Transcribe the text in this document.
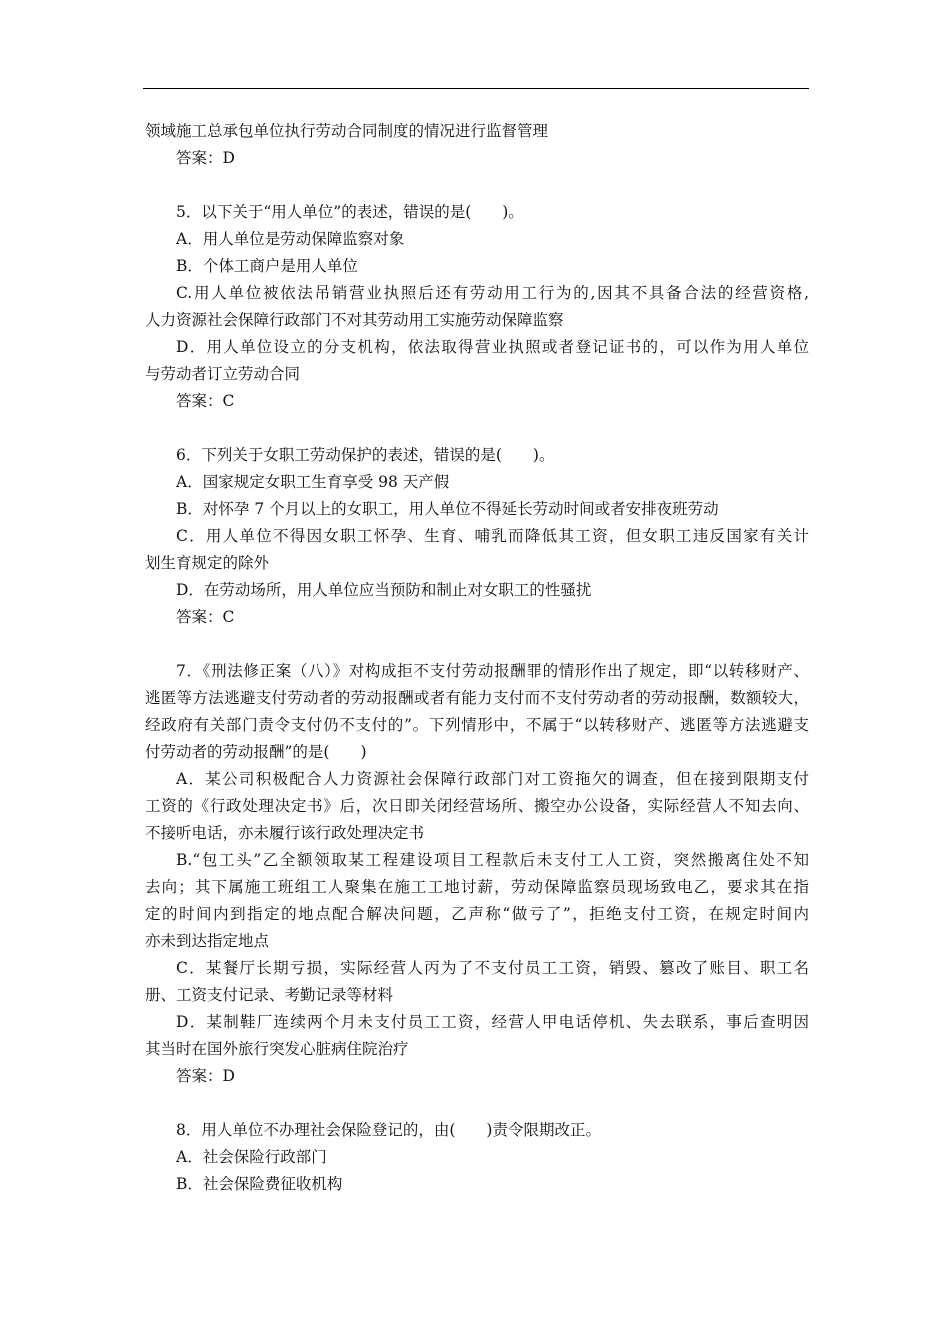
领域施工总承包单位执行劳动合同制度的情况进行监督管理

答案：D

5．以下关于“用人单位”的表述，错误的是(　　)。

A．用人单位是劳动保障监察对象

B．个体工商户是用人单位

C.用人单位被依法吊销营业执照后还有劳动用工行为的,因其不具备合法的经营资格,

人力资源社会保障行政部门不对其劳动用工实施劳动保障监察

D．用人单位设立的分支机构，依法取得营业执照或者登记证书的，可以作为用人单位

与劳动者订立劳动合同

答案：C

6．下列关于女职工劳动保护的表述，错误的是(　　)。

A．国家规定女职工生育享受 98 天产假

B．对怀孕 7 个月以上的女职工，用人单位不得延长劳动时间或者安排夜班劳动

C．用人单位不得因女职工怀孕、生育、哺乳而降低其工资，但女职工违反国家有关计

划生育规定的除外

D．在劳动场所，用人单位应当预防和制止对女职工的性骚扰

答案：C

7．《刑法修正案（八）》对构成拒不支付劳动报酬罪的情形作出了规定，即“以转移财产、

逃匿等方法逃避支付劳动者的劳动报酬或者有能力支付而不支付劳动者的劳动报酬，数额较大，

经政府有关部门责令支付仍不支付的”。下列情形中，不属于“以转移财产、逃匿等方法逃避支

付劳动者的劳动报酬”的是(　　)

A．某公司积极配合人力资源社会保障行政部门对工资拖欠的调查，但在接到限期支付

工资的《行政处理决定书》后，次日即关闭经营场所、搬空办公设备，实际经营人不知去向、

不接听电话，亦未履行该行政处理决定书

B.“包工头”乙全额领取某工程建设项目工程款后未支付工人工资，突然搬离住处不知

去向；其下属施工班组工人聚集在施工工地讨薪，劳动保障监察员现场致电乙，要求其在指

定的时间内到指定的地点配合解决问题，乙声称“做亏了”，拒绝支付工资，在规定时间内

亦未到达指定地点

C．某餐厅长期亏损，实际经营人丙为了不支付员工工资，销毁、篡改了账目、职工名

册、工资支付记录、考勤记录等材料

D．某制鞋厂连续两个月未支付员工工资，经营人甲电话停机、失去联系，事后查明因

其当时在国外旅行突发心脏病住院治疗

答案：D

8．用人单位不办理社会保险登记的，由(　　)责令限期改正。

A．社会保险行政部门

B．社会保险费征收机构
